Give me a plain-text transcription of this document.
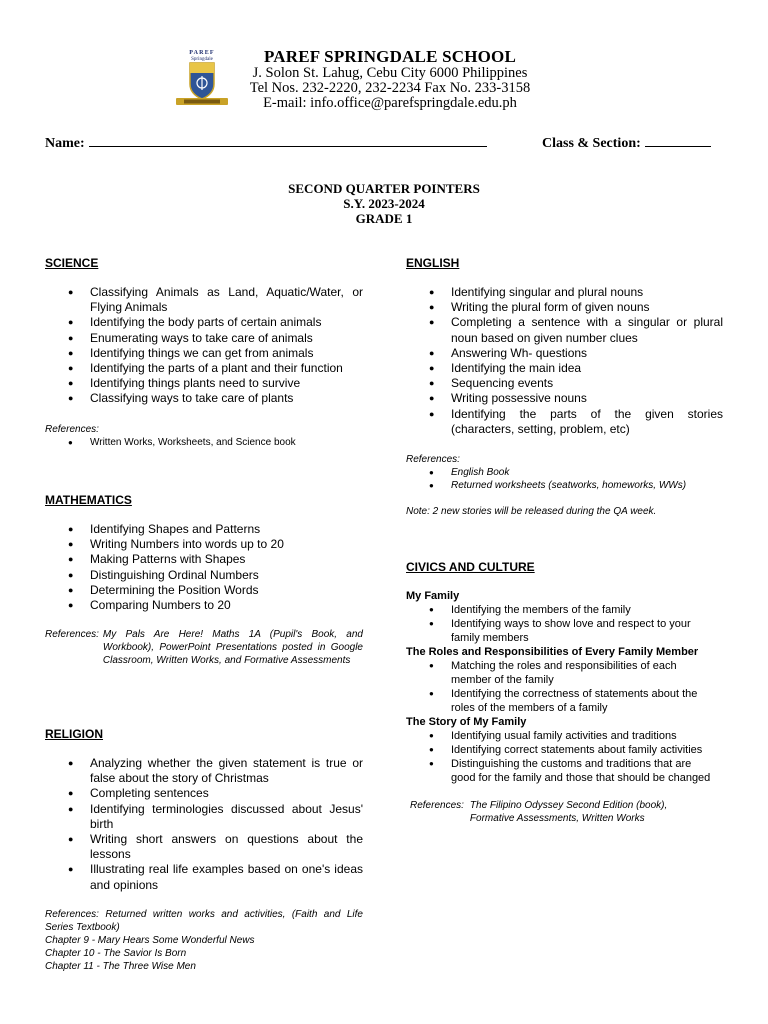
PAREF
Springdale	PAREF SPRINGDALE SCHOOL
J. Solon St. Lahug, Cebu City 6000 Philippines
Tel Nos. 232-2220, 232-2234 Fax No. 233-3158
E-mail: info.office@parefspringdale.edu.ph
Name:	Class & Section:
SECOND QUARTER POINTERS
S.Y. 2023-2024
GRADE 1
SCIENCE
● Classifying Animals as Land, Aquatic/Water, or Flying Animals
● Identifying the body parts of certain animals
● Enumerating ways to take care of animals
● Identifying things we can get from animals
● Identifying the parts of a plant and their function
● Identifying things plants need to survive
● Classifying ways to take care of plants
References:
● Written Works, Worksheets, and Science book
MATHEMATICS
● Identifying Shapes and Patterns
● Writing Numbers into words up to 20
● Making Patterns with Shapes
● Distinguishing Ordinal Numbers
● Determining the Position Words
● Comparing Numbers to 20
References: My Pals Are Here! Maths 1A (Pupil's Book, and Workbook), PowerPoint Presentations posted in Google Classroom, Written Works, and Formative Assessments
RELIGION
● Analyzing whether the given statement is true or false about the story of Christmas
● Completing sentences
● Identifying terminologies discussed about Jesus' birth
● Writing short answers on questions about the lessons
● Illustrating real life examples based on one's ideas and opinions
References: Returned written works and activities, (Faith and Life Series Textbook)
Chapter 9 - Mary Hears Some Wonderful News
Chapter 10 - The Savior Is Born
Chapter 11 - The Three Wise Men
ENGLISH
● Identifying singular and plural nouns
● Writing the plural form of given nouns
● Completing a sentence with a singular or plural noun based on given number clues
● Answering Wh- questions
● Identifying the main idea
● Sequencing events
● Writing possessive nouns
● Identifying the parts of the given stories (characters, setting, problem, etc)
References:
● English Book
● Returned worksheets (seatworks, homeworks, WWs)
Note: 2 new stories will be released during the QA week.
CIVICS AND CULTURE
My Family
● Identifying the members of the family
● Identifying ways to show love and respect to your family members
The Roles and Responsibilities of Every Family Member
● Matching the roles and responsibilities of each member of the family
● Identifying the correctness of statements about the roles of the members of a family
The Story of My Family
● Identifying usual family activities and traditions
● Identifying correct statements about family activities
● Distinguishing the customs and traditions that are good for the family and those that should be changed
References: The Filipino Odyssey Second Edition (book), Formative Assessments, Written Works
